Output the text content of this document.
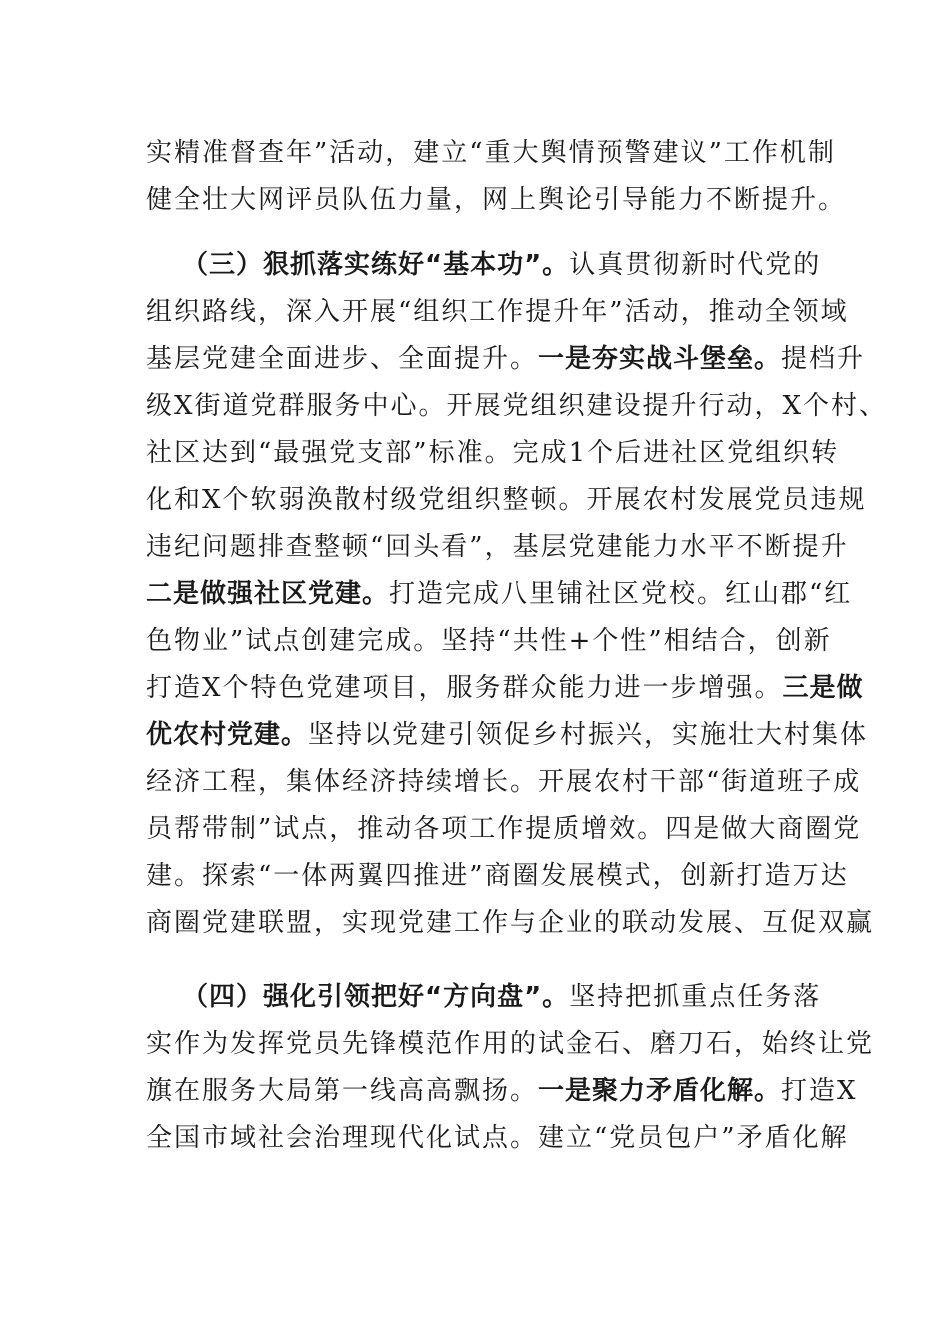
实精准督查年”活动，建立“重大舆情预警建议”工作机制
健全壮大网评员队伍力量，网上舆论引导能力不断提升。
（三）狠抓落实练好“基本功”。认真贯彻新时代党的
组织路线，深入开展“组织工作提升年”活动，推动全领域
基层党建全面进步、全面提升。一是夯实战斗堡垒。提档升
级X街道党群服务中心。开展党组织建设提升行动，X个村、
社区达到“最强党支部”标准。完成1个后进社区党组织转
化和X个软弱涣散村级党组织整顿。开展农村发展党员违规
违纪问题排查整顿“回头看”，基层党建能力水平不断提升
二是做强社区党建。打造完成八里铺社区党校。红山郡“红
色物业”试点创建完成。坚持“共性+个性”相结合，创新
打造X个特色党建项目，服务群众能力进一步增强。三是做
优农村党建。坚持以党建引领促乡村振兴，实施壮大村集体
经济工程，集体经济持续增长。开展农村干部“街道班子成
员帮带制”试点，推动各项工作提质增效。四是做大商圈党
建。探索“一体两翼四推进”商圈发展模式，创新打造万达
商圈党建联盟，实现党建工作与企业的联动发展、互促双赢
（四）强化引领把好“方向盘”。坚持把抓重点任务落
实作为发挥党员先锋模范作用的试金石、磨刀石，始终让党
旗在服务大局第一线高高飘扬。一是聚力矛盾化解。打造X
全国市域社会治理现代化试点。建立“党员包户”矛盾化解
